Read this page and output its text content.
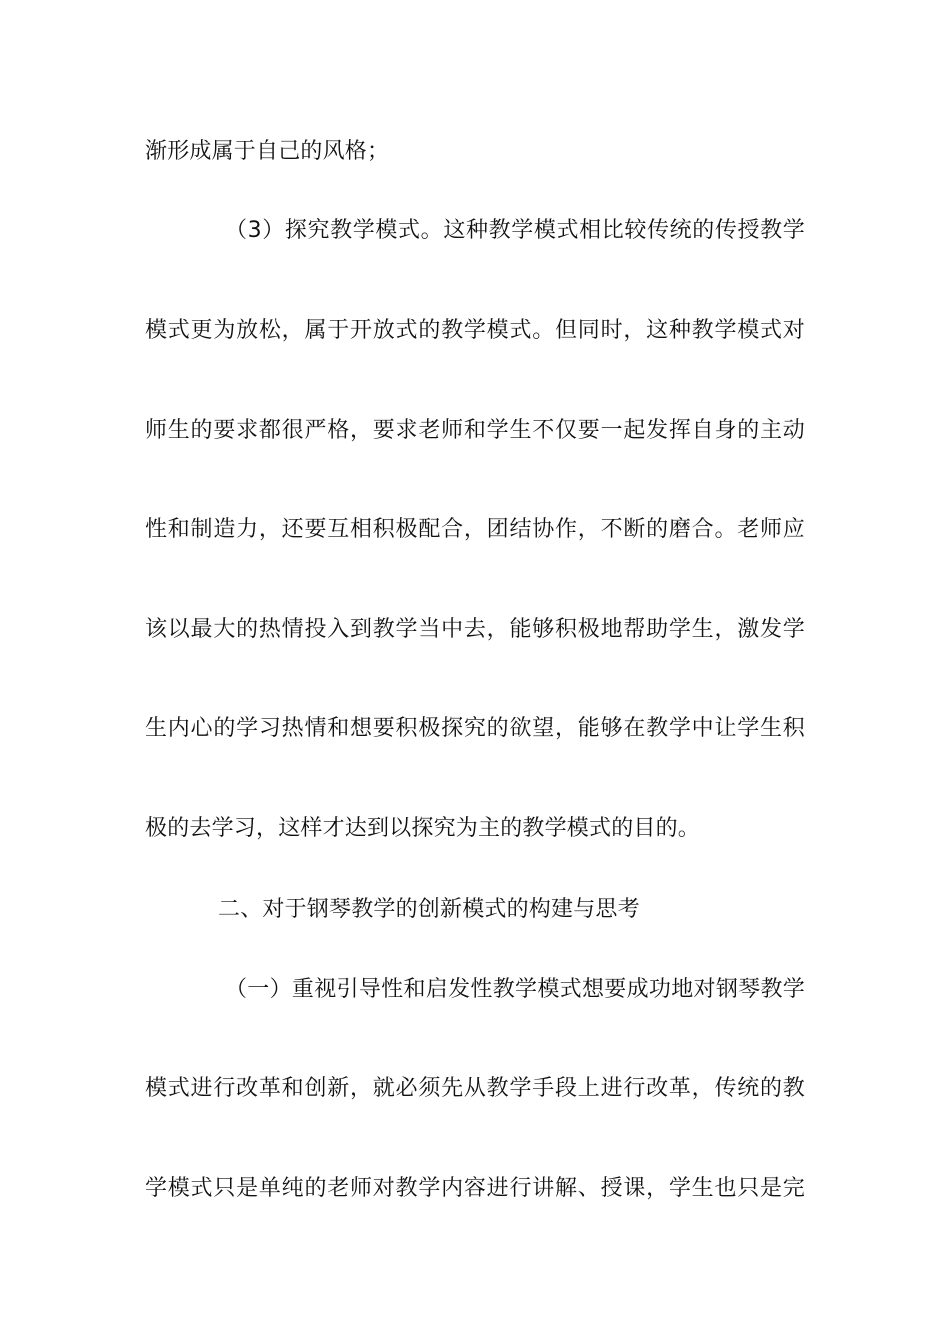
渐形成属于自己的风格；
（3）探究教学模式。这种教学模式相比较传统的传授教学
模式更为放松，属于开放式的教学模式。但同时，这种教学模式对
师生的要求都很严格，要求老师和学生不仅要一起发挥自身的主动
性和制造力，还要互相积极配合，团结协作，不断的磨合。老师应
该以最大的热情投入到教学当中去，能够积极地帮助学生，激发学
生内心的学习热情和想要积极探究的欲望，能够在教学中让学生积
极的去学习，这样才达到以探究为主的教学模式的目的。
二、对于钢琴教学的创新模式的构建与思考
（一）重视引导性和启发性教学模式想要成功地对钢琴教学
模式进行改革和创新，就必须先从教学手段上进行改革，传统的教
学模式只是单纯的老师对教学内容进行讲解、授课，学生也只是完
